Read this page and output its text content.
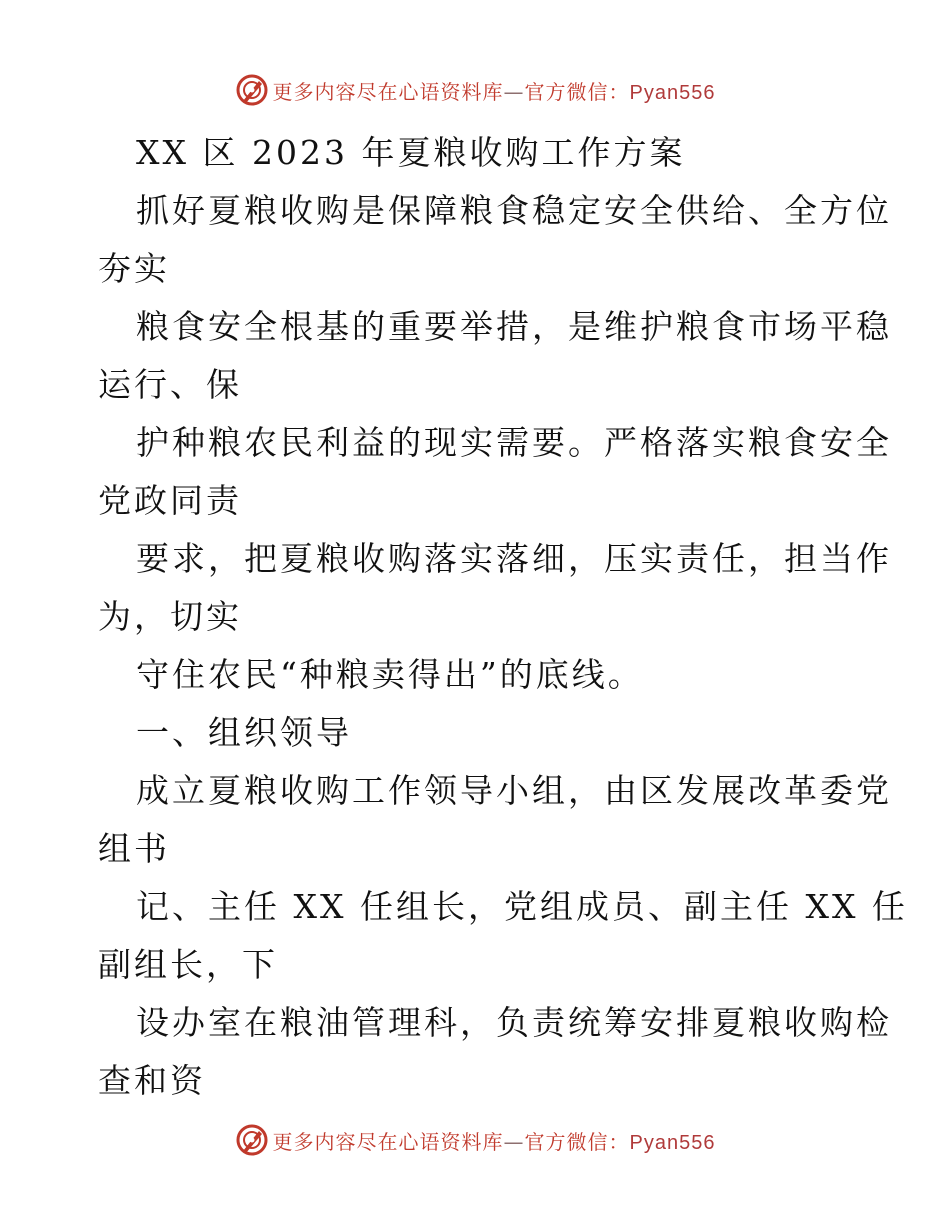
更多内容尽在心语资料库—官方微信：Pyan556
XX 区 2023 年夏粮收购工作方案
抓好夏粮收购是保障粮食稳定安全供给、全方位
夯实
粮食安全根基的重要举措，是维护粮食市场平稳
运行、保
护种粮农民利益的现实需要。严格落实粮食安全
党政同责
要求，把夏粮收购落实落细，压实责任，担当作
为，切实
守住农民“种粮卖得出”的底线。
一、组织领导
成立夏粮收购工作领导小组，由区发展改革委党
组书
记、主任 XX 任组长，党组成员、副主任 XX 任
副组长，下
设办室在粮油管理科，负责统筹安排夏粮收购检
查和资
更多内容尽在心语资料库—官方微信：Pyan556
